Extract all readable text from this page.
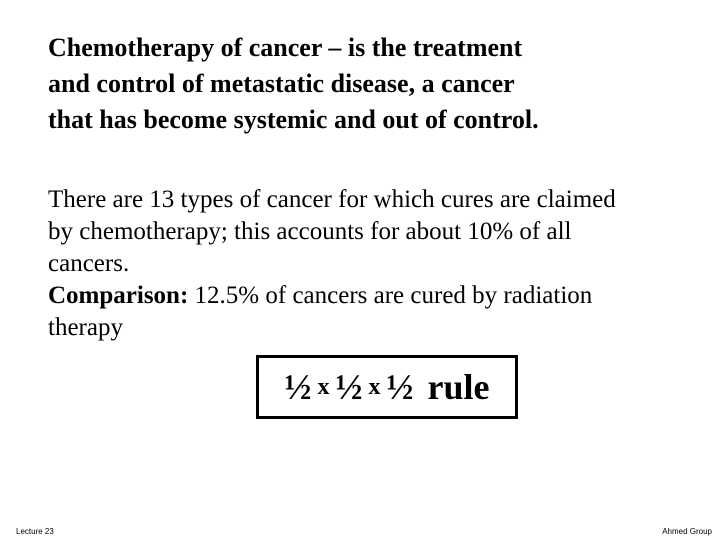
Chemotherapy of cancer – is the treatment
and control of metastatic disease, a cancer
that has become systemic and out of control.
There are 13 types of cancer for which cures are claimed
by chemotherapy; this accounts for about 10% of all
cancers.
Comparison: 12.5% of cancers are cured by radiation
therapy
½ x ½ x ½ rule
Lecture 23	Ahmed Group
